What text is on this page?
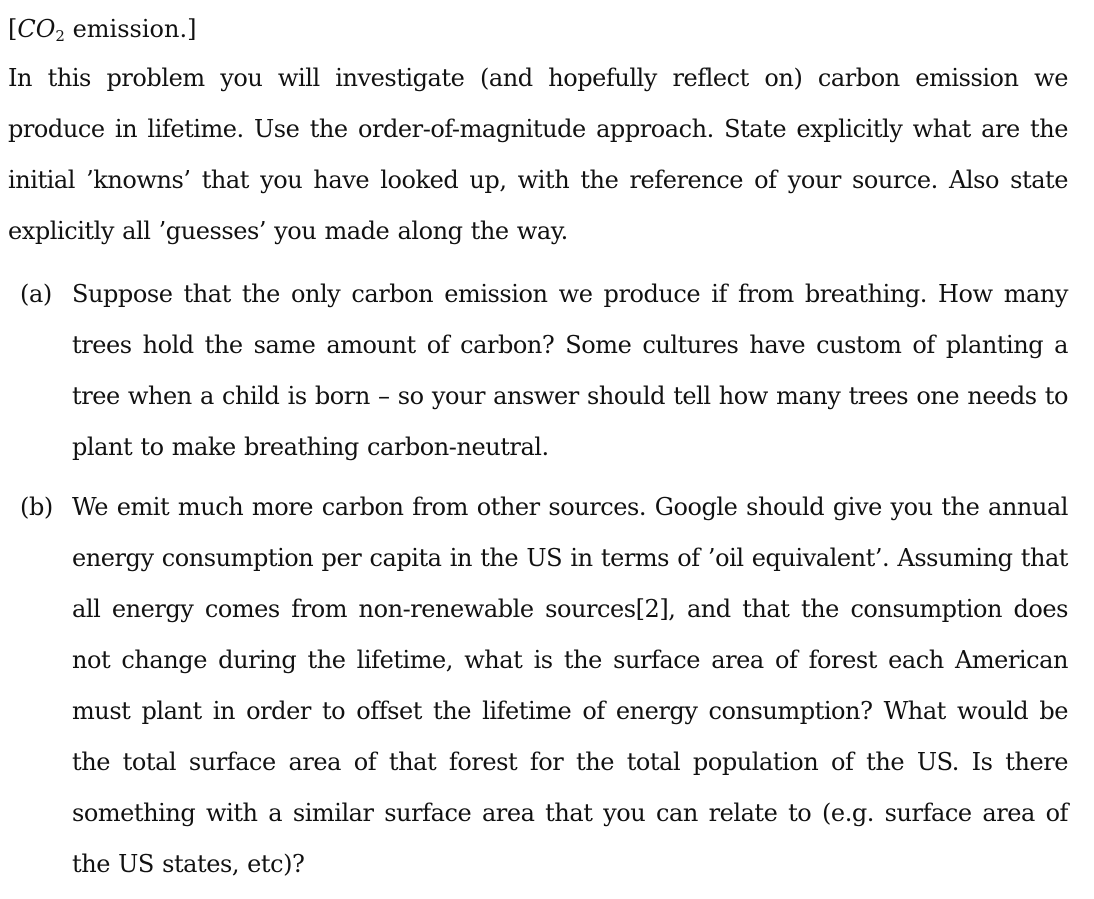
[$CO_2$ emission.]

In this problem you will investigate (and hopefully reflect on) carbon emission we produce in lifetime. Use the order-of-magnitude approach. State explicitly what are the initial ’knowns’ that you have looked up, with the reference of your source. Also state explicitly all ’guesses’ you made along the way.

(a) Suppose that the only carbon emission we produce if from breathing. How many trees hold the same amount of carbon? Some cultures have custom of planting a tree when a child is born – so your answer should tell how many trees one needs to plant to make breathing carbon-neutral.

(b) We emit much more carbon from other sources. Google should give you the annual energy consumption per capita in the US in terms of ’oil equivalent’. Assuming that all energy comes from non-renewable sources[2], and that the consumption does not change during the lifetime, what is the surface area of forest each American must plant in order to offset the lifetime of energy consumption? What would be the total surface area of that forest for the total population of the US. Is there something with a similar surface area that you can relate to (e.g. surface area of the US states, etc)?
